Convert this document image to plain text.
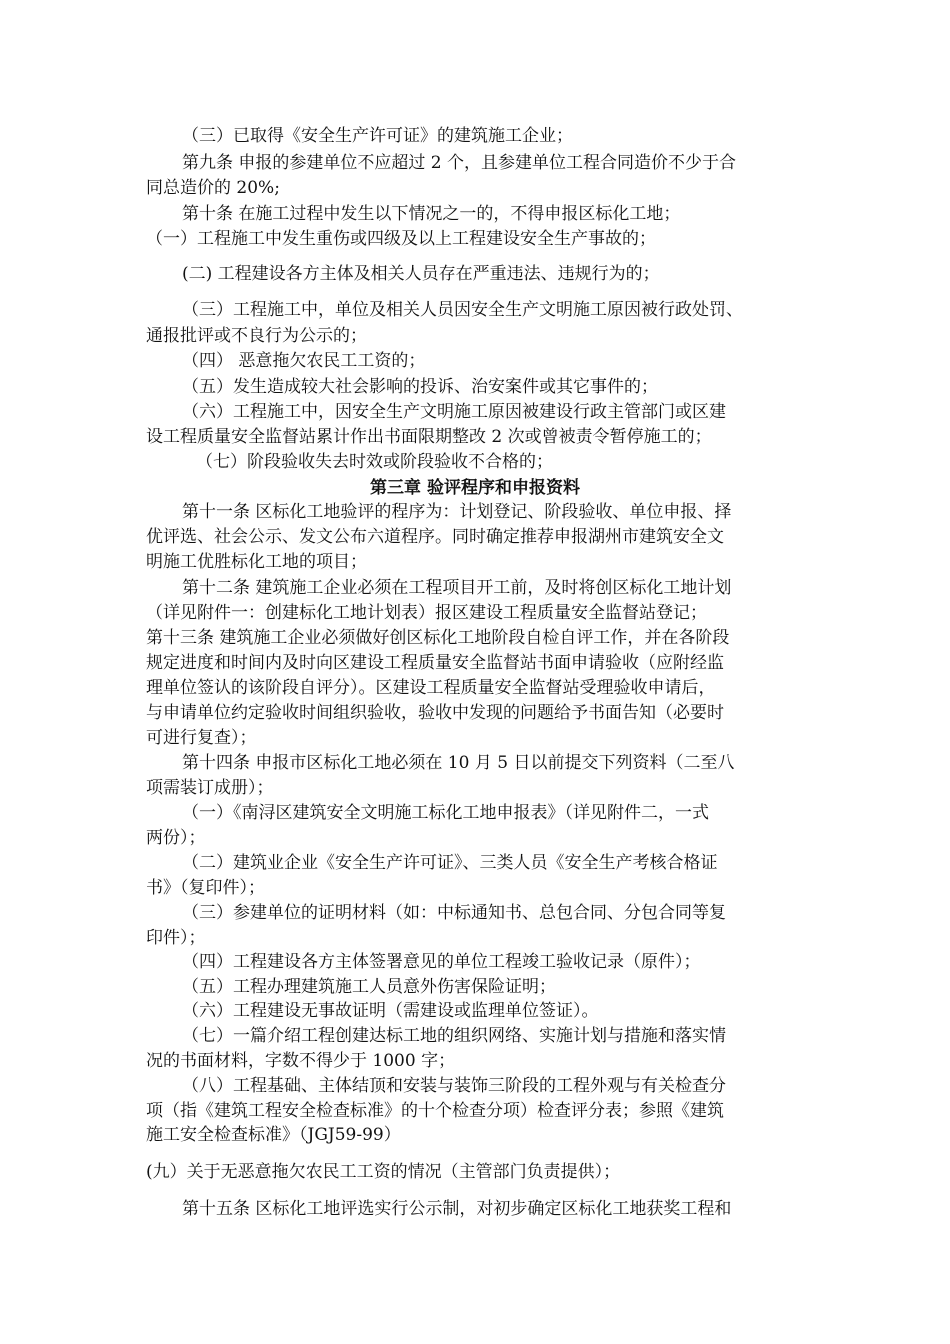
（三）已取得《安全生产许可证》的建筑施工企业；
第九条 申报的参建单位不应超过 2 个，且参建单位工程合同造价不少于合
同总造价的 20%;
第十条 在施工过程中发生以下情况之一的，不得申报区标化工地；
（一）工程施工中发生重伤或四级及以上工程建设安全生产事故的；
(二) 工程建设各方主体及相关人员存在严重违法、违规行为的；
（三）工程施工中，单位及相关人员因安全生产文明施工原因被行政处罚、
通报批评或不良行为公示的；
（四） 恶意拖欠农民工工资的；
（五）发生造成较大社会影响的投诉、治安案件或其它事件的；
（六）工程施工中，因安全生产文明施工原因被建设行政主管部门或区建
设工程质量安全监督站累计作出书面限期整改 2 次或曾被责令暂停施工的；
（七）阶段验收失去时效或阶段验收不合格的；
第三章 验评程序和申报资料
第十一条 区标化工地验评的程序为：计划登记、阶段验收、单位申报、择
优评选、社会公示、发文公布六道程序。同时确定推荐申报湖州市建筑安全文
明施工优胜标化工地的项目；
第十二条 建筑施工企业必须在工程项目开工前，及时将创区标化工地计划
（详见附件一：创建标化工地计划表）报区建设工程质量安全监督站登记；
第十三条 建筑施工企业必须做好创区标化工地阶段自检自评工作，并在各阶段
规定进度和时间内及时向区建设工程质量安全监督站书面申请验收（应附经监
理单位签认的该阶段自评分）。区建设工程质量安全监督站受理验收申请后，
与申请单位约定验收时间组织验收，验收中发现的问题给予书面告知（必要时
可进行复查）；
第十四条 申报市区标化工地必须在 10 月 5 日以前提交下列资料（二至八
项需装订成册）；
（一）《南浔区建筑安全文明施工标化工地申报表》（详见附件二，一式
两份）；
（二）建筑业企业《安全生产许可证》、三类人员《安全生产考核合格证
书》（复印件）；
（三）参建单位的证明材料（如：中标通知书、总包合同、分包合同等复
印件）；
（四）工程建设各方主体签署意见的单位工程竣工验收记录（原件）；
（五）工程办理建筑施工人员意外伤害保险证明；
（六）工程建设无事故证明（需建设或监理单位签证）。
（七）一篇介绍工程创建达标工地的组织网络、实施计划与措施和落实情
况的书面材料，字数不得少于 1000 字；
（八）工程基础、主体结顶和安装与装饰三阶段的工程外观与有关检查分
项（指《建筑工程安全检查标准》的十个检查分项）检查评分表；参照《建筑
施工安全检查标准》（JGJ59-99）
(九）关于无恶意拖欠农民工工资的情况（主管部门负责提供）；
第十五条 区标化工地评选实行公示制，对初步确定区标化工地获奖工程和
